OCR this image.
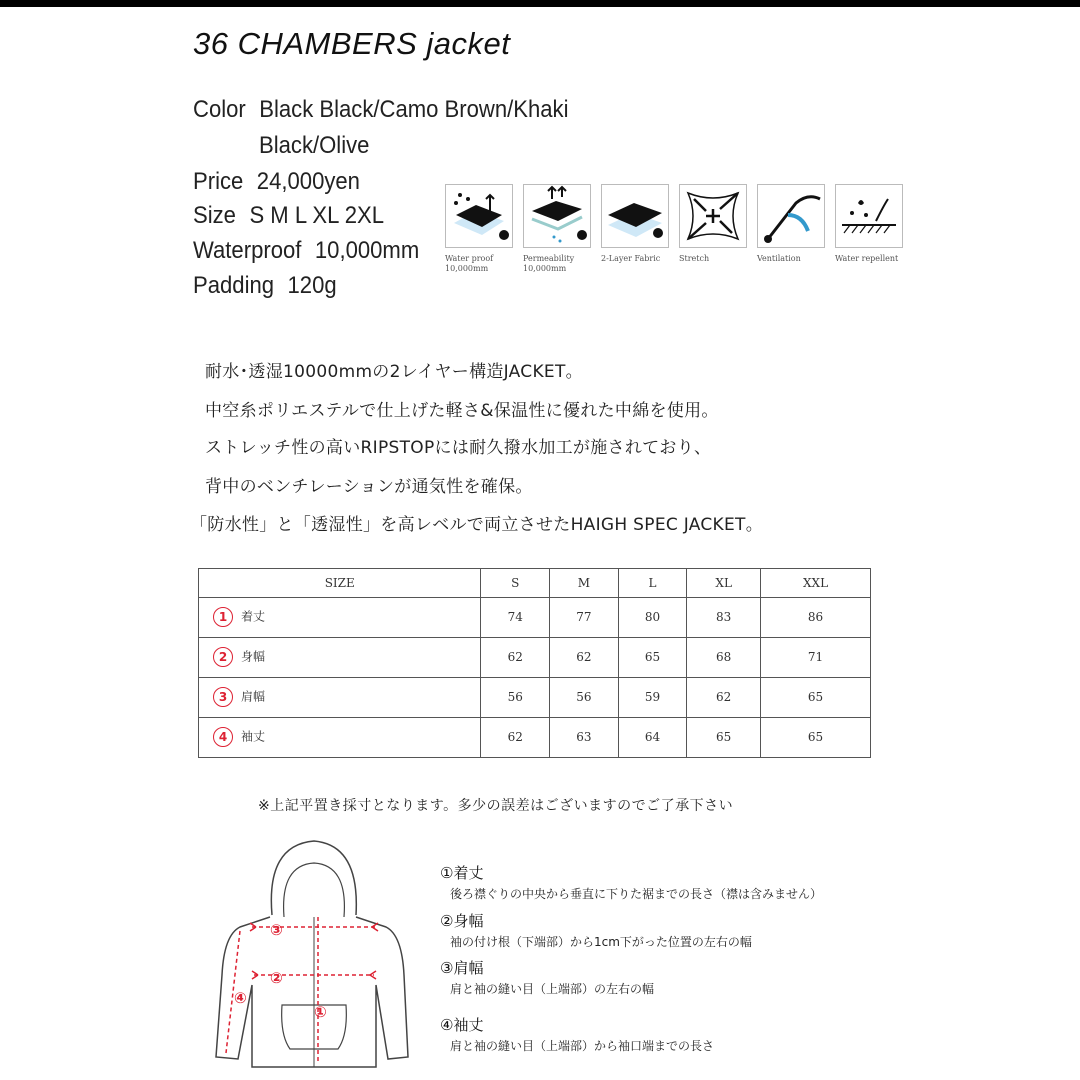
36 CHAMBERS jacket
Color Black Black/Camo Brown/Khaki
Black/Olive
Price 24,000yen
Size S M L XL 2XL
Waterproof 10,000mm
Padding 120g
Water proof
10,000mm
Permeability
10,000mm
2-Layer Fabric	Stretch	Ventilation	Water repellent
耐水･透湿10000mmの2レイヤー構造JACKET。
中空糸ポリエステルで仕上げた軽さ&保温性に優れた中綿を使用。
ストレッチ性の高いRIPSTOPには耐久撥水加工が施されており、
背中のベンチレーションが通気性を確保。
「防水性」と「透湿性」を高レベルで両立させたHAIGH SPEC JACKET。
SIZE	S	M	L	XL	XXL
1 着丈	74	77	80	83	86
2 身幅	62	62	65	68	71
3 肩幅	56	56	59	62	65
4 袖丈	62	63	64	65	65
※上記平置き採寸となります。多少の誤差はございますのでご了承下さい
③
②
④
①
①着丈
後ろ襟ぐりの中央から垂直に下りた裾までの長さ（襟は含みません）
②身幅
袖の付け根（下端部）から1cm下がった位置の左右の幅
③肩幅
肩と袖の縫い目（上端部）の左右の幅
④袖丈
肩と袖の縫い目（上端部）から袖口端までの長さ
